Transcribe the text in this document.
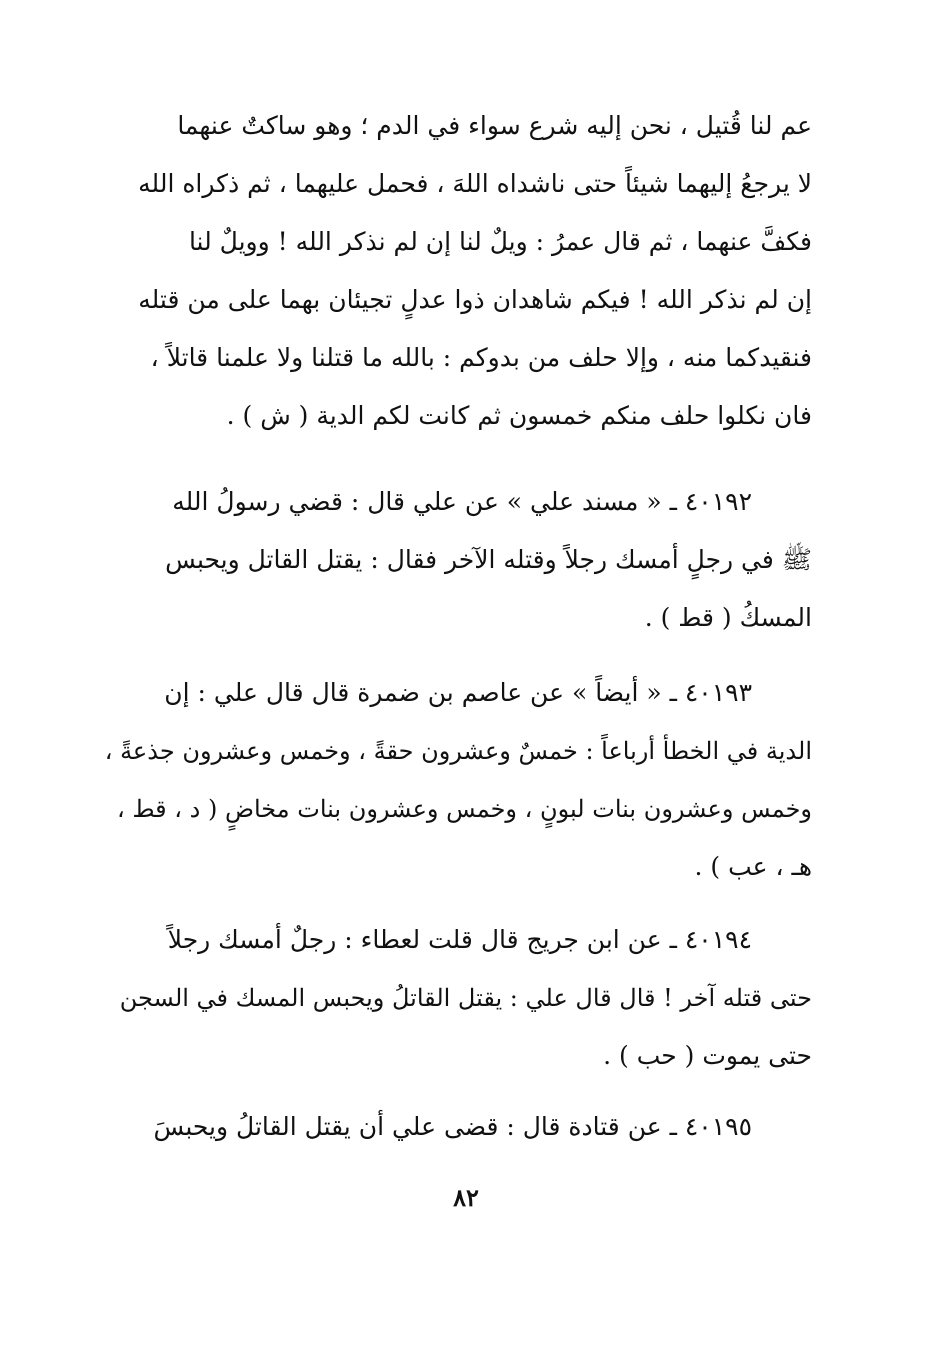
عم لنا قُتيل ، نحن إليه شرع سواء في الدم ؛ وهو ساكتٌ عنهما
لا يرجعُ إليهما شيئاً حتى ناشداه اللهَ ، فحمل عليهما ، ثم ذكراه الله
فكفَّ عنهما ، ثم قال عمرُ : ويلٌ لنا إن لم نذكر الله ! وويلٌ لنا
إن لم نذكر الله ! فيكم شاهدان ذوا عدلٍ تجيئان بهما على من قتله
فنقيدكما منه ، وإلا حلف من بدوكم : بالله ما قتلنا ولا علمنا قاتلاً ،
فان نكلوا حلف منكم خمسون ثم كانت لكم الدية ( ش ) .
٤٠١٩٢ ـ « مسند علي » عن علي قال : قضي رسولُ الله
ﷺ في رجلٍ أمسك رجلاً وقتله الآخر فقال : يقتل القاتل ويحبس
المسكُ ( قط ) .
٤٠١٩٣ ـ « أيضاً » عن عاصم بن ضمرة قال قال علي : إن
الدية في الخطأ أرباعاً : خمسٌ وعشرون حقةً ، وخمس وعشرون جذعةً ،
وخمس وعشرون بنات لبونٍ ، وخمس وعشرون بنات مخاضٍ ( د ، قط ،
هـ ، عب ) .
٤٠١٩٤ ـ عن ابن جريج قال قلت لعطاء : رجلٌ أمسك رجلاً
حتى قتله آخر ! قال قال علي : يقتل القاتلُ ويحبس المسك في السجن
حتى يموت ( حب ) .
٤٠١٩٥ ـ عن قتادة قال : قضى علي أن يقتل القاتلُ ويحبسَ
٨٢
